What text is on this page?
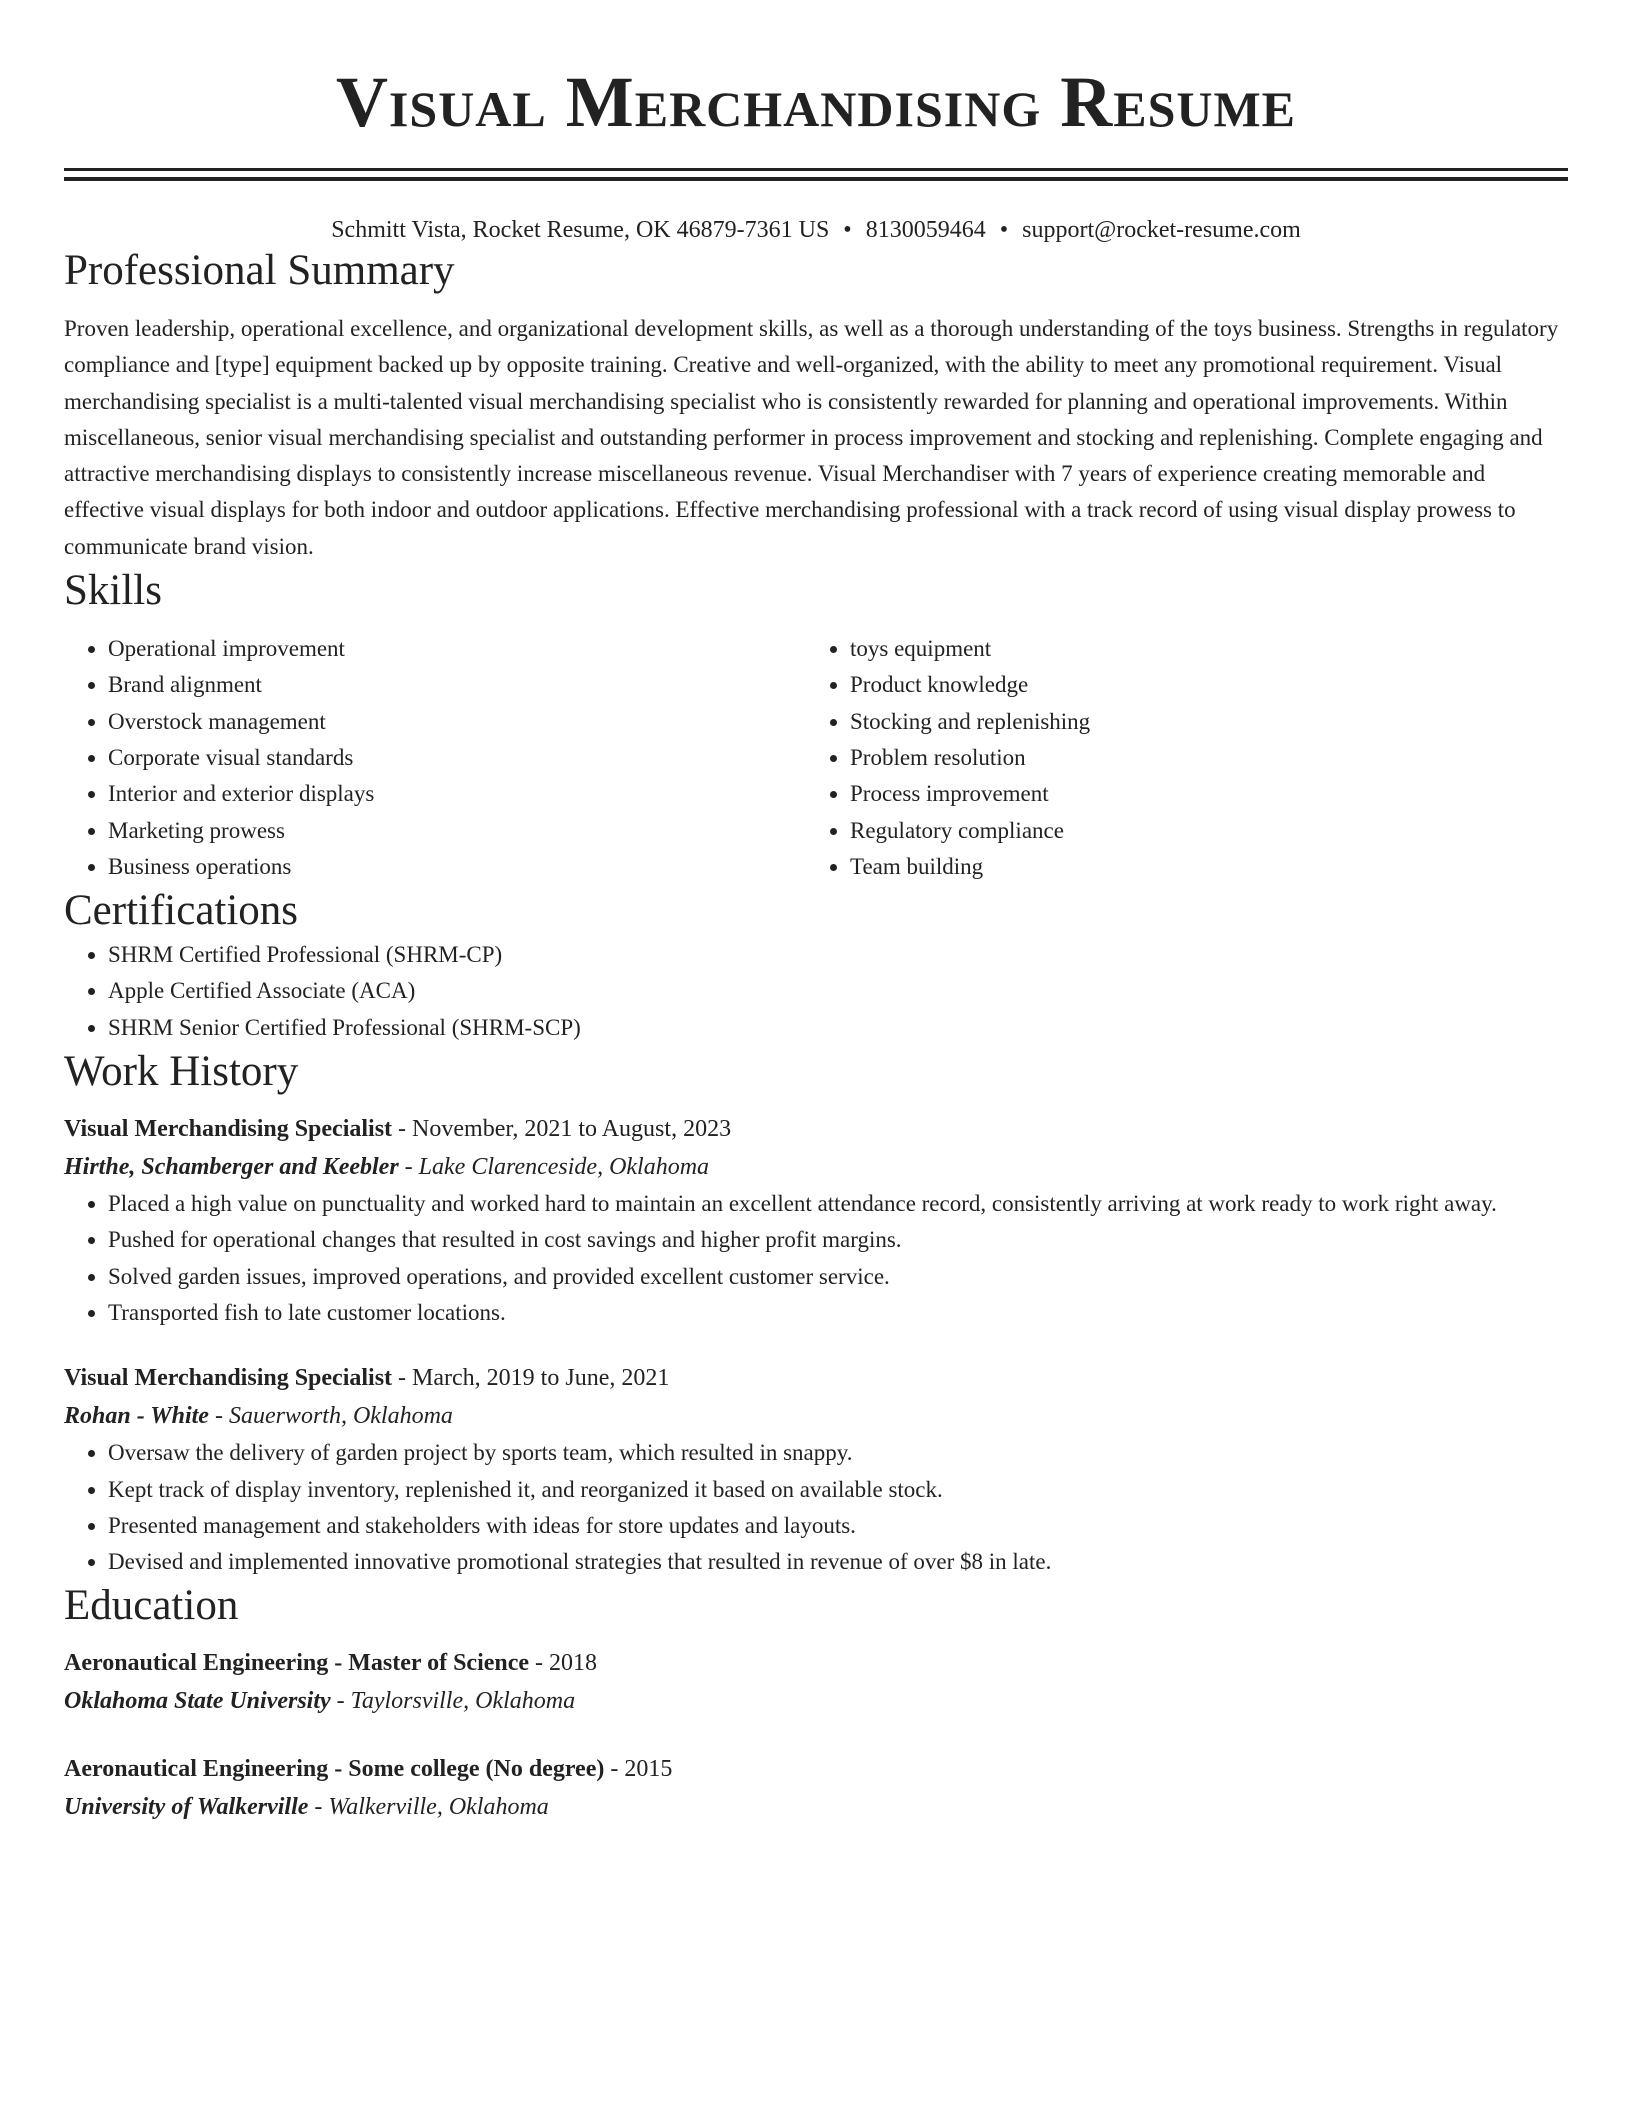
Visual Merchandising Resume
Schmitt Vista, Rocket Resume, OK 46879-7361 US • 8130059464 • support@rocket-resume.com
Professional Summary

Proven leadership, operational excellence, and organizational development skills, as well as a thorough understanding of the toys business. Strengths in regulatory compliance and [type] equipment backed up by opposite training. Creative and well-organized, with the ability to meet any promotional requirement. Visual merchandising specialist is a multi-talented visual merchandising specialist who is consistently rewarded for planning and operational improvements. Within miscellaneous, senior visual merchandising specialist and outstanding performer in process improvement and stocking and replenishing. Complete engaging and attractive merchandising displays to consistently increase miscellaneous revenue. Visual Merchandiser with 7 years of experience creating memorable and effective visual displays for both indoor and outdoor applications. Effective merchandising professional with a track record of using visual display prowess to communicate brand vision.

Skills
• Operational improvement
• Brand alignment
• Overstock management
• Corporate visual standards
• Interior and exterior displays
• Marketing prowess
• Business operations
• toys equipment
• Product knowledge
• Stocking and replenishing
• Problem resolution
• Process improvement
• Regulatory compliance
• Team building
Certifications
• SHRM Certified Professional (SHRM-CP)
• Apple Certified Associate (ACA)
• SHRM Senior Certified Professional (SHRM-SCP)
Work History
Visual Merchandising Specialist - November, 2021 to August, 2023
Hirthe, Schamberger and Keebler - Lake Clarenceside, Oklahoma
• Placed a high value on punctuality and worked hard to maintain an excellent attendance record, consistently arriving at work ready to work right away.
• Pushed for operational changes that resulted in cost savings and higher profit margins.
• Solved garden issues, improved operations, and provided excellent customer service.
• Transported fish to late customer locations.
Visual Merchandising Specialist - March, 2019 to June, 2021
Rohan - White - Sauerworth, Oklahoma
• Oversaw the delivery of garden project by sports team, which resulted in snappy.
• Kept track of display inventory, replenished it, and reorganized it based on available stock.
• Presented management and stakeholders with ideas for store updates and layouts.
• Devised and implemented innovative promotional strategies that resulted in revenue of over $8 in late.
Education
Aeronautical Engineering - Master of Science - 2018
Oklahoma State University - Taylorsville, Oklahoma
Aeronautical Engineering - Some college (No degree) - 2015
University of Walkerville - Walkerville, Oklahoma
